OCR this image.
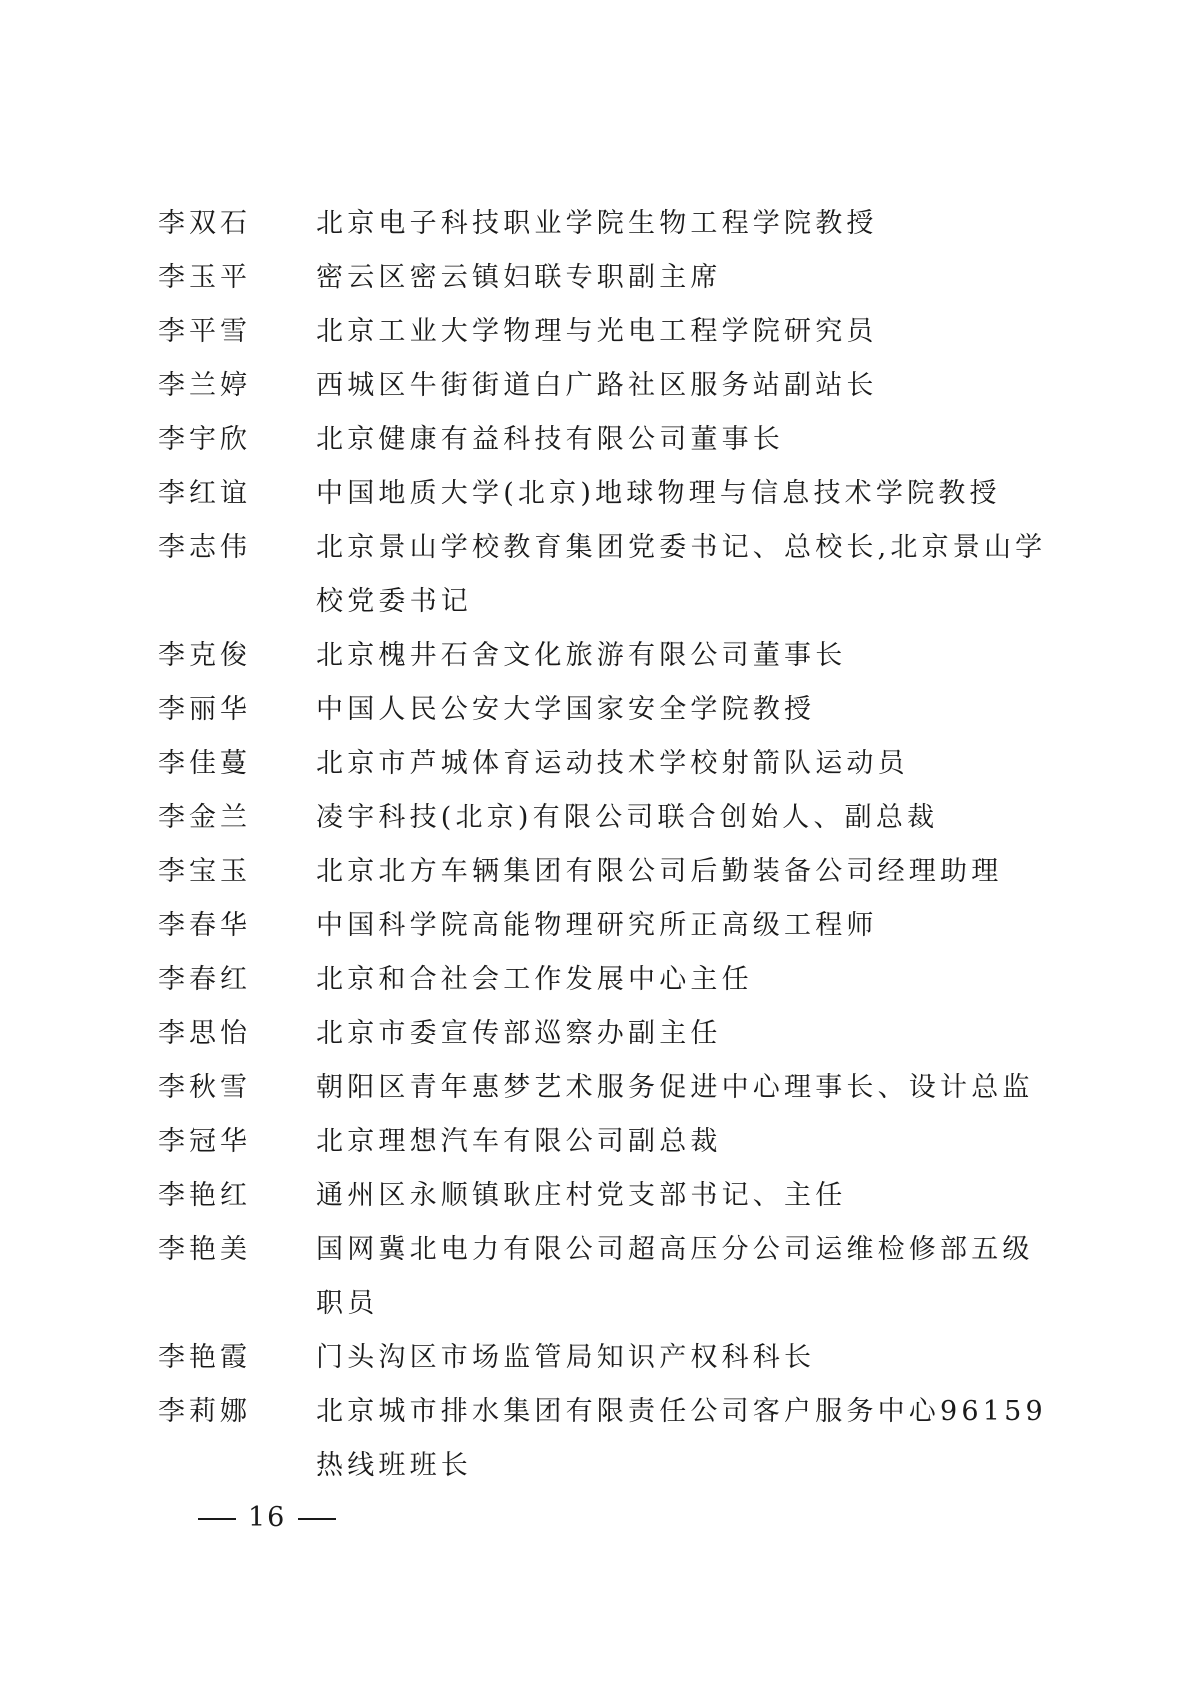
李双石	北京电子科技职业学院生物工程学院教授
李玉平	密云区密云镇妇联专职副主席
李平雪	北京工业大学物理与光电工程学院研究员
李兰婷	西城区牛街街道白广路社区服务站副站长
李宇欣	北京健康有益科技有限公司董事长
李红谊	中国地质大学(北京)地球物理与信息技术学院教授
李志伟	北京景山学校教育集团党委书记、总校长,北京景山学校党委书记
李克俊	北京槐井石舍文化旅游有限公司董事长
李丽华	中国人民公安大学国家安全学院教授
李佳蔓	北京市芦城体育运动技术学校射箭队运动员
李金兰	凌宇科技(北京)有限公司联合创始人、副总裁
李宝玉	北京北方车辆集团有限公司后勤装备公司经理助理
李春华	中国科学院高能物理研究所正高级工程师
李春红	北京和合社会工作发展中心主任
李思怡	北京市委宣传部巡察办副主任
李秋雪	朝阳区青年惠梦艺术服务促进中心理事长、设计总监
李冠华	北京理想汽车有限公司副总裁
李艳红	通州区永顺镇耿庄村党支部书记、主任
李艳美	国网冀北电力有限公司超高压分公司运维检修部五级职员
李艳霞	门头沟区市场监管局知识产权科科长
李莉娜	北京城市排水集团有限责任公司客户服务中心96159热线班班长
16
